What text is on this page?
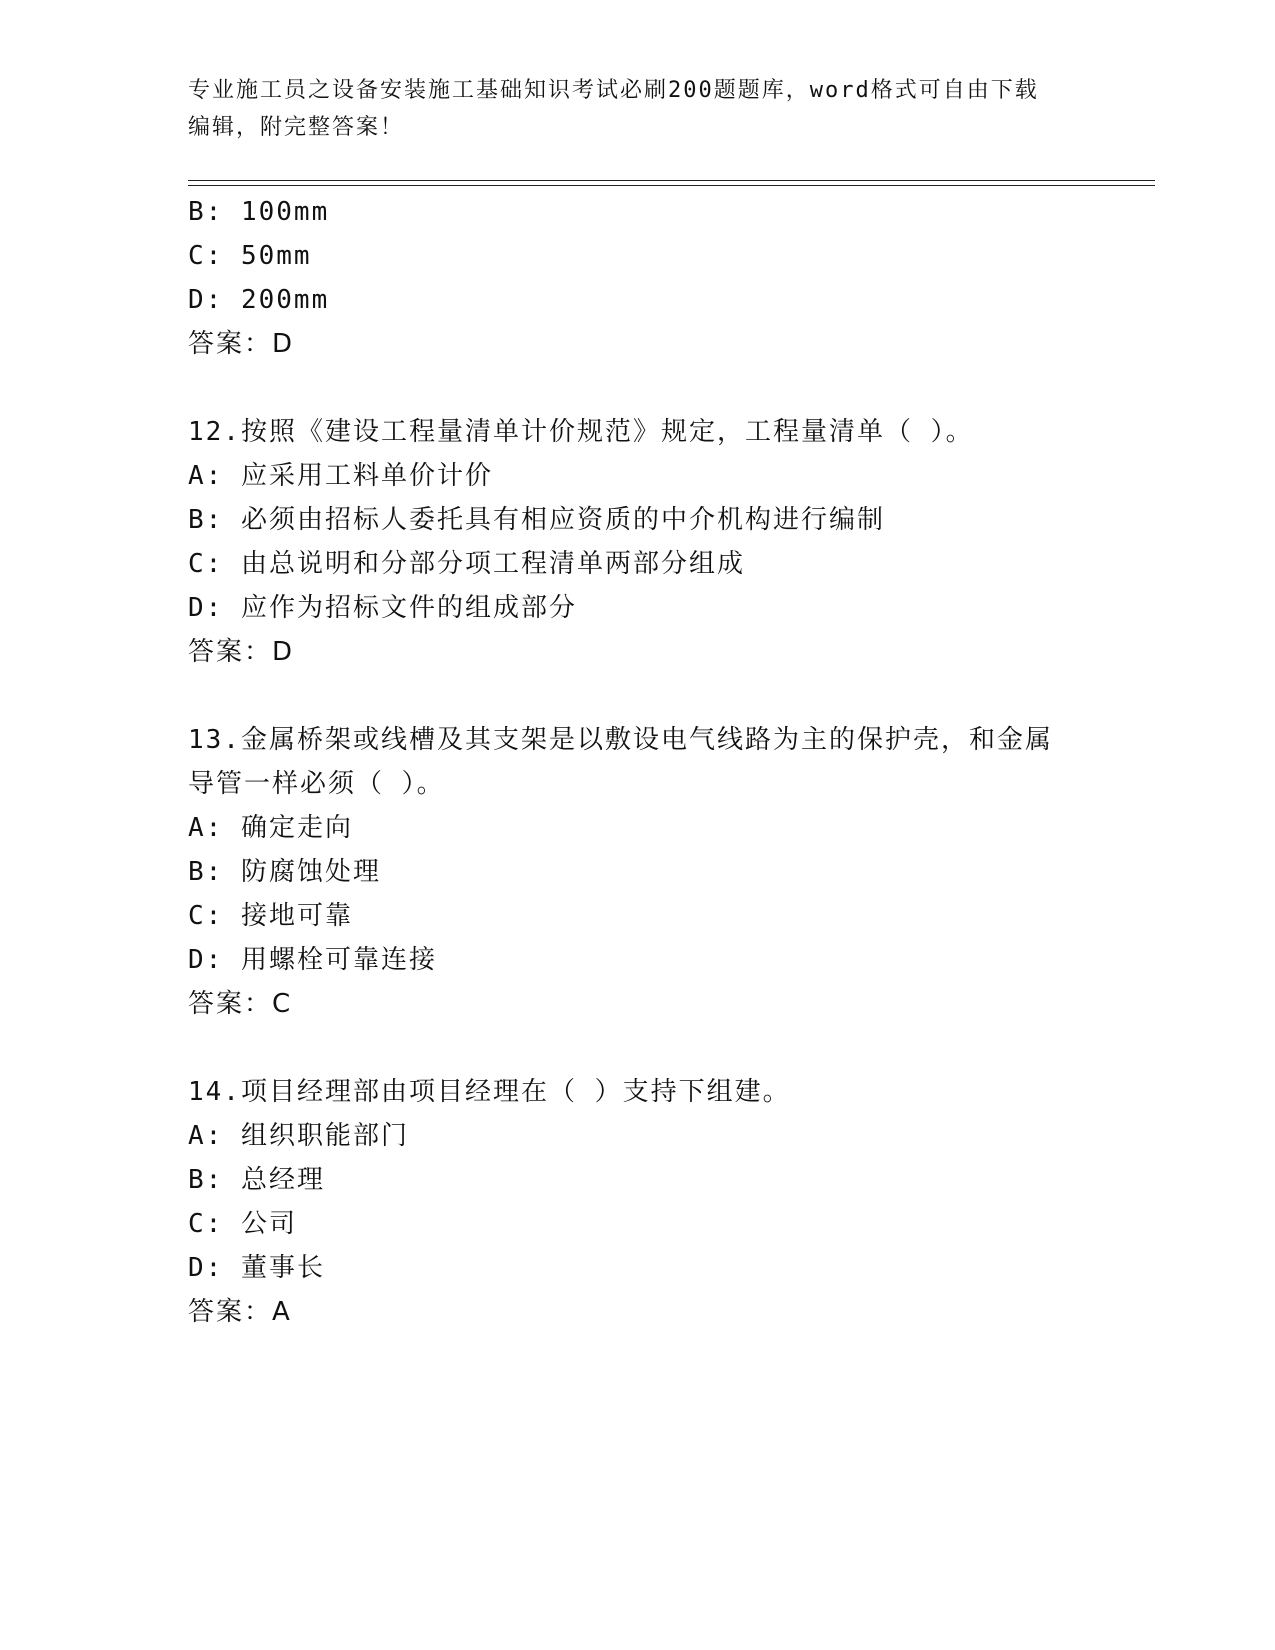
专业施工员之设备安装施工基础知识考试必刷200题题库，word格式可自由下载
编辑，附完整答案！
B: 100mm
C: 50mm
D: 200mm
答案：D
12.按照《建设工程量清单计价规范》规定，工程量清单（ ）。
A: 应采用工料单价计价
B: 必须由招标人委托具有相应资质的中介机构进行编制
C: 由总说明和分部分项工程清单两部分组成
D: 应作为招标文件的组成部分
答案：D
13.金属桥架或线槽及其支架是以敷设电气线路为主的保护壳，和金属
导管一样必须（ ）。
A: 确定走向
B: 防腐蚀处理
C: 接地可靠
D: 用螺栓可靠连接
答案：C
14.项目经理部由项目经理在（ ）支持下组建。
A: 组织职能部门
B: 总经理
C: 公司
D: 董事长
答案：A
